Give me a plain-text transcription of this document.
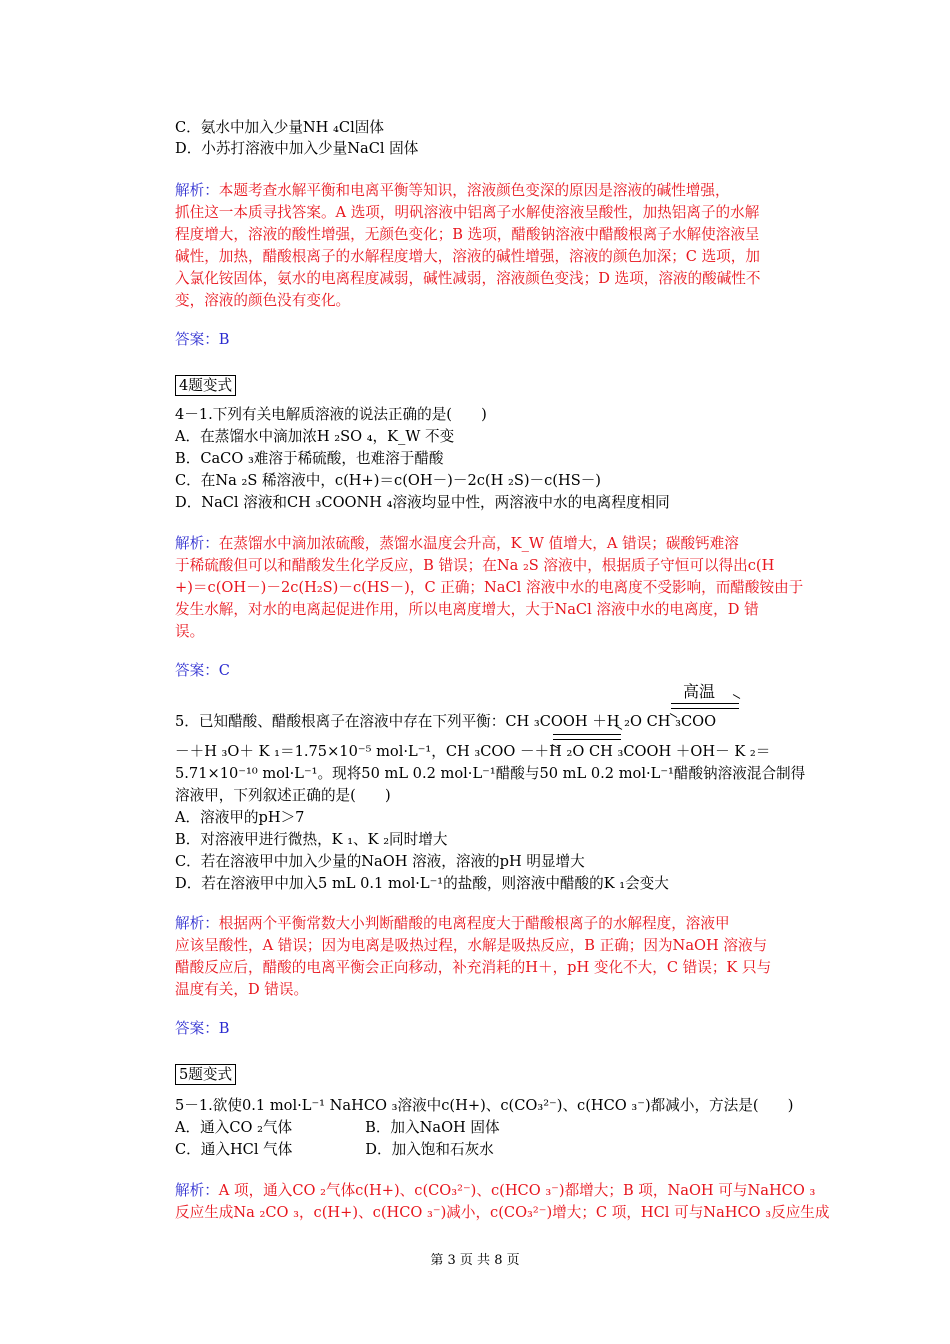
C．氨水中加入少量NH ₄Cl固体
D．小苏打溶液中加入少量NaCl 固体
解析：本题考查水解平衡和电离平衡等知识，溶液颜色变深的原因是溶液的碱性增强，
抓住这一本质寻找答案。A 选项，明矾溶液中铝离子水解使溶液呈酸性，加热铝离子的水解
程度增大，溶液的酸性增强，无颜色变化；B 选项，醋酸钠溶液中醋酸根离子水解使溶液呈
碱性，加热，醋酸根离子的水解程度增大，溶液的碱性增强，溶液的颜色加深；C 选项，加
入氯化铵固体，氨水的电离程度减弱，碱性减弱，溶液颜色变浅；D 选项，溶液的酸碱性不
变，溶液的颜色没有变化。
答案：B
4题变式
4－1.下列有关电解质溶液的说法正确的是(　　)
A．在蒸馏水中滴加浓H ₂SO ₄，K_W 不变
B．CaCO ₃难溶于稀硫酸，也难溶于醋酸
C．在Na ₂S 稀溶液中，c(H+)＝c(OH－)－2c(H ₂S)－c(HS－)
D．NaCl 溶液和CH ₃COONH ₄溶液均显中性，两溶液中水的电离程度相同
解析：在蒸馏水中滴加浓硫酸，蒸馏水温度会升高，K_W 值增大，A 错误；碳酸钙难溶
于稀硫酸但可以和醋酸发生化学反应，B 错误；在Na ₂S 溶液中，根据质子守恒可以得出c(H
+)＝c(OH－)－2c(H₂S)－c(HS－)，C 正确；NaCl 溶液中水的电离度不受影响，而醋酸铵由于
发生水解，对水的电离起促进作用，所以电离度增大，大于NaCl 溶液中水的电离度，D 错
误。
答案：C
高温
5．已知醋酸、醋酸根离子在溶液中存在下列平衡：CH ₃COOH ＋H ₂O CH ₃COO
－＋H ₃O＋ K ₁＝1.75×10⁻⁵ mol·L⁻¹，CH ₃COO －＋H ₂O CH ₃COOH ＋OH－ K ₂＝
5.71×10⁻¹⁰ mol·L⁻¹。现将50 mL 0.2 mol·L⁻¹醋酸与50 mL 0.2 mol·L⁻¹醋酸钠溶液混合制得
溶液甲，下列叙述正确的是(　　)
A．溶液甲的pH＞7
B．对溶液甲进行微热，K ₁、K ₂同时增大
C．若在溶液甲中加入少量的NaOH 溶液，溶液的pH 明显增大
D．若在溶液甲中加入5 mL 0.1 mol·L⁻¹的盐酸，则溶液中醋酸的K ₁会变大
解析：根据两个平衡常数大小判断醋酸的电离程度大于醋酸根离子的水解程度，溶液甲
应该呈酸性，A 错误；因为电离是吸热过程，水解是吸热反应，B 正确；因为NaOH 溶液与
醋酸反应后，醋酸的电离平衡会正向移动，补充消耗的H＋，pH 变化不大，C 错误；K 只与
温度有关，D 错误。
答案：B
5题变式
5－1.欲使0.1 mol·L⁻¹ NaHCO ₃溶液中c(H+)、c(CO₃²⁻)、c(HCO ₃⁻)都减小，方法是(　　)
A．通入CO ₂气体　　　　　B．加入NaOH 固体
C．通入HCl 气体　　　　　D．加入饱和石灰水
解析：A 项，通入CO ₂气体c(H+)、c(CO₃²⁻)、c(HCO ₃⁻)都增大；B 项，NaOH 可与NaHCO ₃
反应生成Na ₂CO ₃，c(H+)、c(HCO ₃⁻)减小，c(CO₃²⁻)增大；C 项，HCl 可与NaHCO ₃反应生成
第 3 页 共 8 页
